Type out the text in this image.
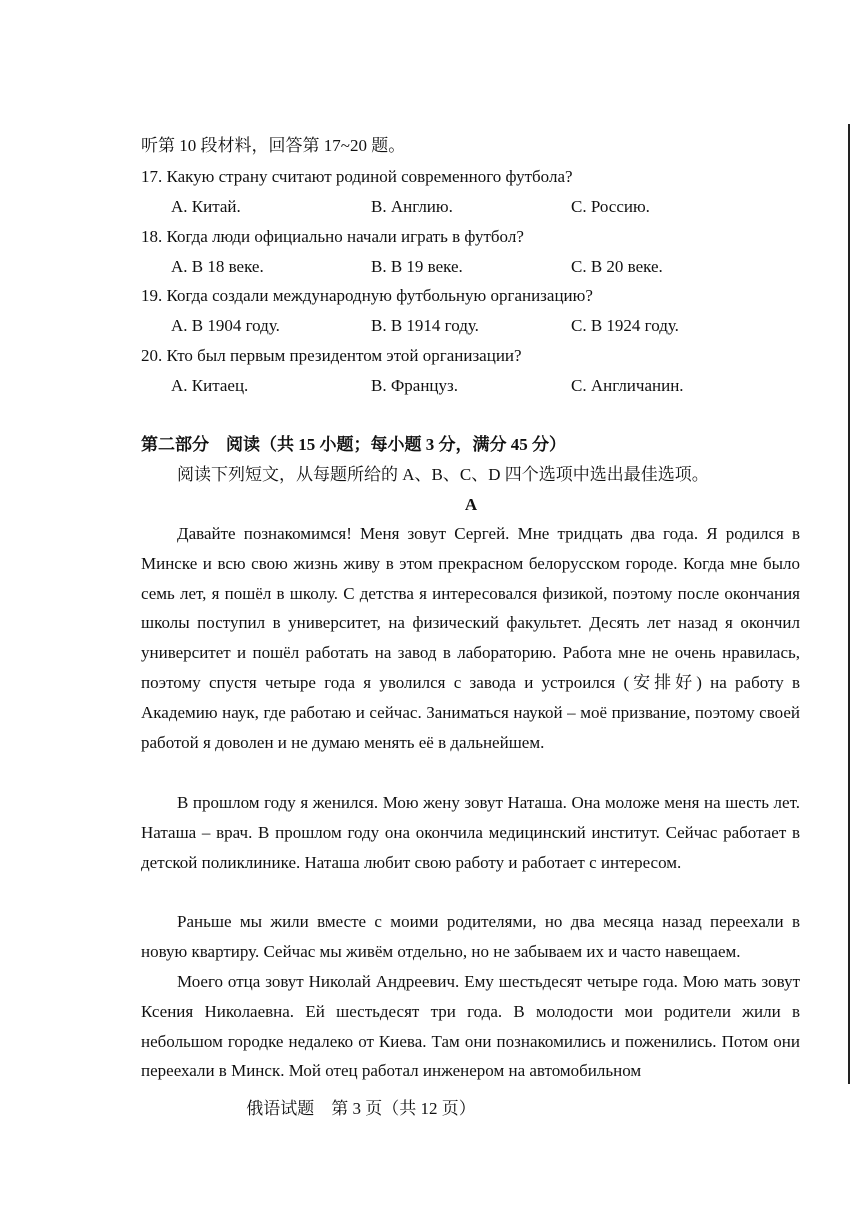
听第 10 段材料，回答第 17~20 题。
17. Какую страну считают родиной современного футбола?
A. Китай.	B. Англию.	C. Россию.
18. Когда люди официально начали играть в футбол?
A. В 18 веке.	B. В 19 веке.	C. В 20 веке.
19. Когда создали международную футбольную организацию?
A. В 1904 году.	B. В 1914 году.	C. В 1924 году.
20. Кто был первым президентом этой организации?
A. Китаец.	B. Француз.	C. Англичанин.
第二部分　阅读（共 15 小题；每小题 3 分，满分 45 分）
阅读下列短文，从每题所给的 A、B、C、D 四个选项中选出最佳选项。
A

Давайте познакомимся! Меня зовут Сергей. Мне тридцать два года. Я родился в Минске и всю свою жизнь живу в этом прекрасном белорусском городе. Когда мне было семь лет, я пошёл в школу. С детства я интересовался физикой, поэтому после окончания школы поступил в университет, на физический факультет. Десять лет назад я окончил университет и пошёл работать на завод в лабораторию. Работа мне не очень нравилась, поэтому спустя четыре года я уволился с завода и устроился (安排好) на работу в Академию наук, где работаю и сейчас. Заниматься наукой – моё призвание, поэтому своей работой я доволен и не думаю менять её в дальнейшем.

В прошлом году я женился. Мою жену зовут Наташа. Она моложе меня на шесть лет. Наташа – врач. В прошлом году она окончила медицинский институт. Сейчас работает в детской поликлинике. Наташа любит свою работу и работает с интересом.

Раньше мы жили вместе с моими родителями, но два месяца назад переехали в новую квартиру. Сейчас мы живём отдельно, но не забываем их и часто навещаем.

Моего отца зовут Николай Андреевич. Ему шестьдесят четыре года. Мою мать зовут Ксения Николаевна. Ей шестьдесят три года. В молодости мои родители жили в небольшом городке недалеко от Киева. Там они познакомились и поженились. Потом они переехали в Минск. Мой отец работал инженером на автомобильном

俄语试题　第 3 页（共 12 页）
